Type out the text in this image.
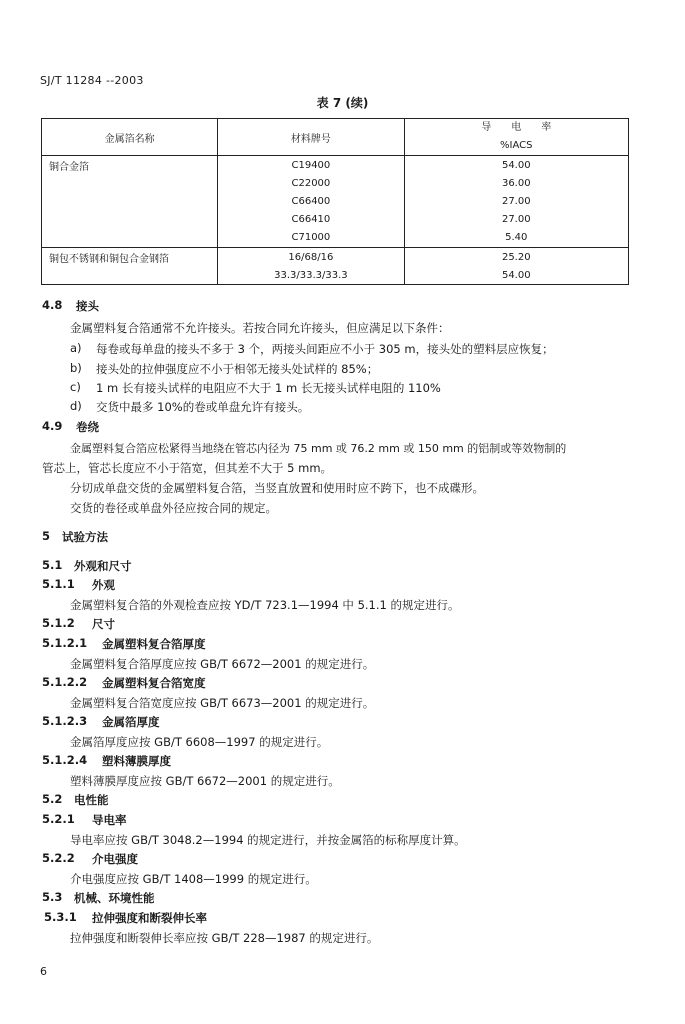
SJ/T 11284 --2003
表 7 (续)
金属箔名称	材料牌号	导　　电　　率
%IACS

铜合金箔	C19400	54.00
	C22000	36.00
	C66400	27.00
	C66410	27.00
	C71000	5.40
铜包不锈钢和铜包合金钢箔	16/68/16	25.20
	33.3/33.3/33.3	54.00
4.8 接头
金属塑料复合箔通常不允许接头。若按合同允许接头，但应满足以下条件：
a) 每卷或每单盘的接头不多于 3 个，两接头间距应不小于 305 m，接头处的塑料层应恢复；
b) 接头处的拉伸强度应不小于相邻无接头处试样的 85%；
c) 1 m 长有接头试样的电阻应不大于 1 m 长无接头试样电阻的 110%
d) 交货中最多 10%的卷或单盘允许有接头。
4.9 卷绕
金属塑料复合箔应松紧得当地绕在管芯内径为 75 mm 或 76.2 mm 或 150 mm 的铝制或等效物制的
管芯上，管芯长度应不小于箔宽，但其差不大于 5 mm。
分切成单盘交货的金属塑料复合箔，当竖直放置和使用时应不跨下，也不成碟形。
交货的卷径或单盘外径应按合同的规定。
5 试验方法
5.1 外观和尺寸
5.1.1 外观
金属塑料复合箔的外观检查应按 YD/T 723.1—1994 中 5.1.1 的规定进行。
5.1.2 尺寸
5.1.2.1 金属塑料复合箔厚度
金属塑料复合箔厚度应按 GB/T 6672—2001 的规定进行。
5.1.2.2 金属塑料复合箔宽度
金属塑料复合箔宽度应按 GB/T 6673—2001 的规定进行。
5.1.2.3 金属箔厚度
金属箔厚度应按 GB/T 6608—1997 的规定进行。
5.1.2.4 塑料薄膜厚度
塑料薄膜厚度应按 GB/T 6672—2001 的规定进行。
5.2 电性能
5.2.1 导电率
导电率应按 GB/T 3048.2—1994 的规定进行，并按金属箔的标称厚度计算。
5.2.2 介电强度
介电强度应按 GB/T 1408—1999 的规定进行。
5.3 机械、环境性能
5.3.1 拉伸强度和断裂伸长率
拉伸强度和断裂伸长率应按 GB/T 228—1987 的规定进行。
6
